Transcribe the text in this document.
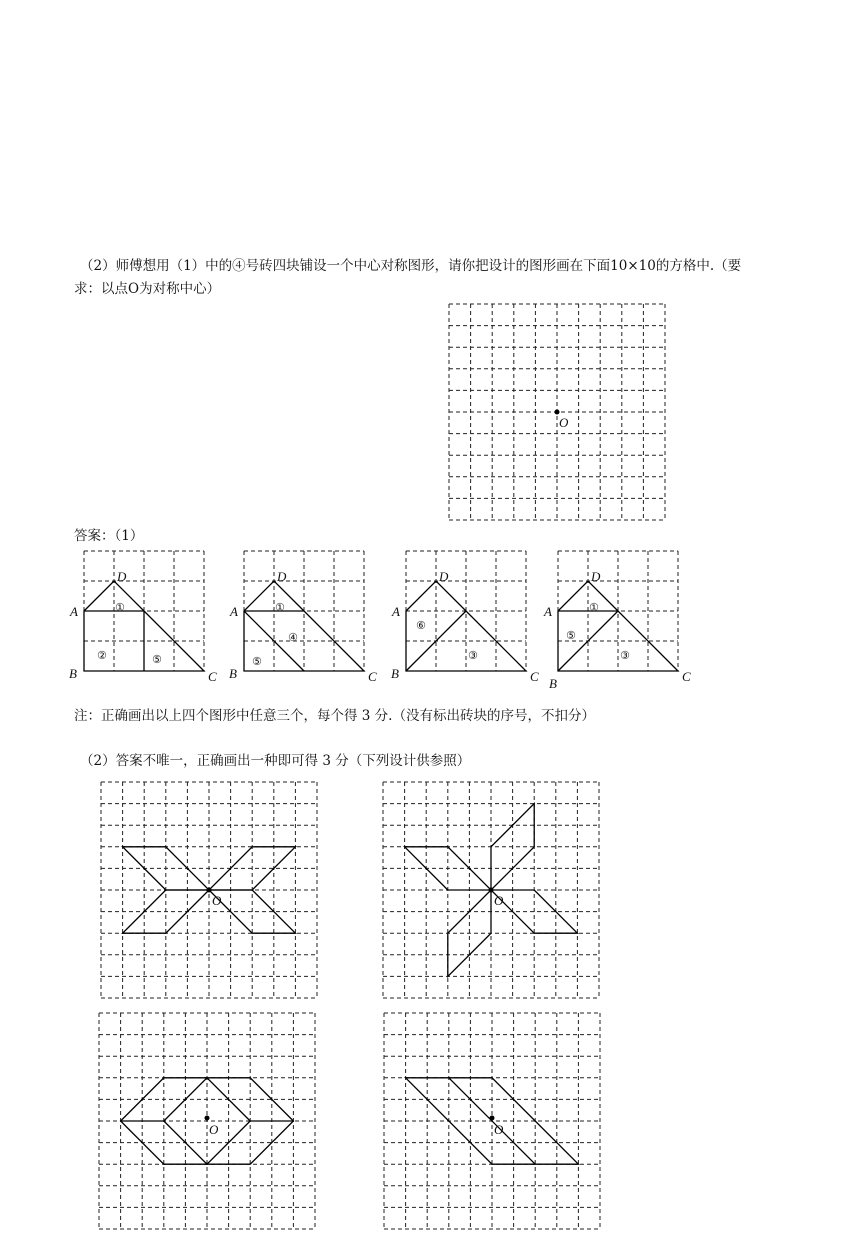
（2）师傅想用（1）中的④号砖四块铺设一个中心对称图形，请你把设计的图形画在下面10×10的方格中.（要
求：以点O为对称中心）
O
答案：（1）
A
B	C
D
①
②	⑤
A
B	C
D
①
④
⑤
A
B	C
D
⑥
③
A
B	C
D
①
⑤
③
注：正确画出以上四个图形中任意三个，每个得 3 分.（没有标出砖块的序号，不扣分）
（2）答案不唯一，正确画出一种即可得 3 分（下列设计供参照）
O	O
O	O
